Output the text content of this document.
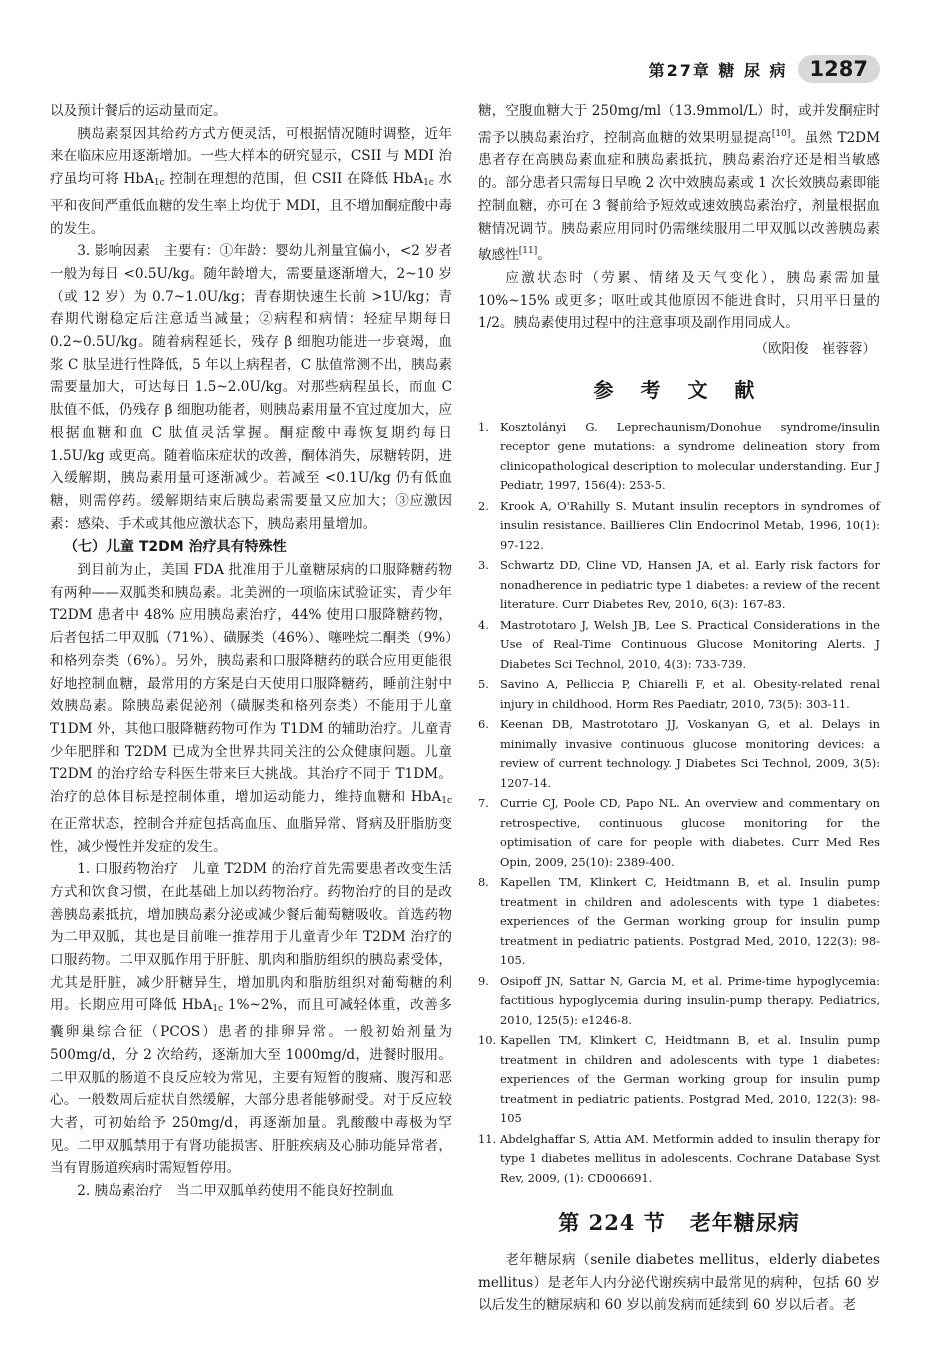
第27章 糖 尿 病	1287

以及预计餐后的运动量而定。

胰岛素泵因其给药方式方便灵活，可根据情况随时调整，近年来在临床应用逐渐增加。一些大样本的研究显示，CSII 与 MDI 治疗虽均可将 HbA$_{1c}$ 控制在理想的范围，但 CSII 在降低 HbA$_{1c}$ 水平和夜间严重低血糖的发生率上均优于 MDI，且不增加酮症酸中毒的发生。

3. 影响因素　主要有：①年龄：婴幼儿剂量宜偏小，<2 岁者一般为每日 <0.5U/kg。随年龄增大，需要量逐渐增大，2~10 岁（或 12 岁）为 0.7~1.0U/kg；青春期快速生长前 >1U/kg；青春期代谢稳定后注意适当减量；②病程和病情：轻症早期每日 0.2~0.5U/kg。随着病程延长，残存 β 细胞功能进一步衰竭，血浆 C 肽呈进行性降低，5 年以上病程者，C 肽值常测不出，胰岛素需要量加大，可达每日 1.5~2.0U/kg。对那些病程虽长，而血 C 肽值不低，仍残存 β 细胞功能者，则胰岛素用量不宜过度加大，应根据血糖和血 C 肽值灵活掌握。酮症酸中毒恢复期约每日 1.5U/kg 或更高。随着临床症状的改善，酮体消失，尿糖转阴，进入缓解期，胰岛素用量可逐渐减少。若减至 <0.1U/kg 仍有低血糖，则需停药。缓解期结束后胰岛素需要量又应加大；③应激因素：感染、手术或其他应激状态下，胰岛素用量增加。

（七）儿童 T2DM 治疗具有特殊性

到目前为止，美国 FDA 批准用于儿童糖尿病的口服降糖药物有两种——双胍类和胰岛素。北美洲的一项临床试验证实，青少年 T2DM 患者中 48% 应用胰岛素治疗，44% 使用口服降糖药物，后者包括二甲双胍（71%）、磺脲类（46%）、噻唑烷二酮类（9%）和格列奈类（6%）。另外，胰岛素和口服降糖药的联合应用更能很好地控制血糖，最常用的方案是白天使用口服降糖药，睡前注射中效胰岛素。除胰岛素促泌剂（磺脲类和格列奈类）不能用于儿童 T1DM 外，其他口服降糖药物可作为 T1DM 的辅助治疗。儿童青少年肥胖和 T2DM 已成为全世界共同关注的公众健康问题。儿童 T2DM 的治疗给专科医生带来巨大挑战。其治疗不同于 T1DM。治疗的总体目标是控制体重，增加运动能力，维持血糖和 HbA$_{1c}$ 在正常状态，控制合并症包括高血压、血脂异常、肾病及肝脂肪变性，减少慢性并发症的发生。

1. 口服药物治疗　儿童 T2DM 的治疗首先需要患者改变生活方式和饮食习惯，在此基础上加以药物治疗。药物治疗的目的是改善胰岛素抵抗，增加胰岛素分泌或减少餐后葡萄糖吸收。首选药物为二甲双胍，其也是目前唯一推荐用于儿童青少年 T2DM 治疗的口服药物。二甲双胍作用于肝脏、肌肉和脂肪组织的胰岛素受体，尤其是肝脏，减少肝糖异生，增加肌肉和脂肪组织对葡萄糖的利用。长期应用可降低 HbA$_{1c}$ 1%~2%，而且可减轻体重，改善多囊卵巢综合征（PCOS）患者的排卵异常。一般初始剂量为 500mg/d，分 2 次给药，逐渐加大至 1000mg/d，进餐时服用。二甲双胍的肠道不良反应较为常见，主要有短暂的腹痛、腹泻和恶心。一般数周后症状自然缓解，大部分患者能够耐受。对于反应较大者，可初始给予 250mg/d，再逐渐加量。乳酸酸中毒极为罕见。二甲双胍禁用于有肾功能损害、肝脏疾病及心肺功能异常者，当有胃肠道疾病时需短暂停用。

2. 胰岛素治疗　当二甲双胍单药使用不能良好控制血

糖，空腹血糖大于 250mg/ml（13.9mmol/L）时，或并发酮症时需予以胰岛素治疗，控制高血糖的效果明显提高[10]。虽然 T2DM 患者存在高胰岛素血症和胰岛素抵抗，胰岛素治疗还是相当敏感的。部分患者只需每日早晚 2 次中效胰岛素或 1 次长效胰岛素即能控制血糖，亦可在 3 餐前给予短效或速效胰岛素治疗，剂量根据血糖情况调节。胰岛素应用同时仍需继续服用二甲双胍以改善胰岛素敏感性[11]。

应激状态时（劳累、情绪及天气变化），胰岛素需加量 10%~15% 或更多；呕吐或其他原因不能进食时，只用平日量的 1/2。胰岛素使用过程中的注意事项及副作用同成人。

（欧阳俊　崔蓉蓉）
参 考 文 献
1. Kosztolányi G. Leprechaunism/Donohue syndrome/insulin receptor gene mutations: a syndrome delineation story from clinicopathological description to molecular understanding. Eur J Pediatr, 1997, 156(4): 253-5.
2. Krook A, O'Rahilly S. Mutant insulin receptors in syndromes of insulin resistance. Baillieres Clin Endocrinol Metab, 1996, 10(1): 97-122.
3. Schwartz DD, Cline VD, Hansen JA, et al. Early risk factors for nonadherence in pediatric type 1 diabetes: a review of the recent literature. Curr Diabetes Rev, 2010, 6(3): 167-83.
4. Mastrototaro J, Welsh JB, Lee S. Practical Considerations in the Use of Real-Time Continuous Glucose Monitoring Alerts. J Diabetes Sci Technol, 2010, 4(3): 733-739.
5. Savino A, Pelliccia P, Chiarelli F, et al. Obesity-related renal injury in childhood. Horm Res Paediatr, 2010, 73(5): 303-11.
6. Keenan DB, Mastrototaro JJ, Voskanyan G, et al. Delays in minimally invasive continuous glucose monitoring devices: a review of current technology. J Diabetes Sci Technol, 2009, 3(5): 1207-14.
7. Currie CJ, Poole CD, Papo NL. An overview and commentary on retrospective, continuous glucose monitoring for the optimisation of care for people with diabetes. Curr Med Res Opin, 2009, 25(10): 2389-400.
8. Kapellen TM, Klinkert C, Heidtmann B, et al. Insulin pump treatment in children and adolescents with type 1 diabetes: experiences of the German working group for insulin pump treatment in pediatric patients. Postgrad Med, 2010, 122(3): 98-105.
9. Osipoff JN, Sattar N, Garcia M, et al. Prime-time hypoglycemia: factitious hypoglycemia during insulin-pump therapy. Pediatrics, 2010, 125(5): e1246-8.
10. Kapellen TM, Klinkert C, Heidtmann B, et al. Insulin pump treatment in children and adolescents with type 1 diabetes: experiences of the German working group for insulin pump treatment in pediatric patients. Postgrad Med, 2010, 122(3): 98-105
11. Abdelghaffar S, Attia AM. Metformin added to insulin therapy for type 1 diabetes mellitus in adolescents. Cochrane Database Syst Rev, 2009, (1): CD006691.
第 224 节 老年糖尿病

老年糖尿病（senile diabetes mellitus，elderly diabetes mellitus）是老年人内分泌代谢疾病中最常见的病种，包括 60 岁以后发生的糖尿病和 60 岁以前发病而延续到 60 岁以后者。老
